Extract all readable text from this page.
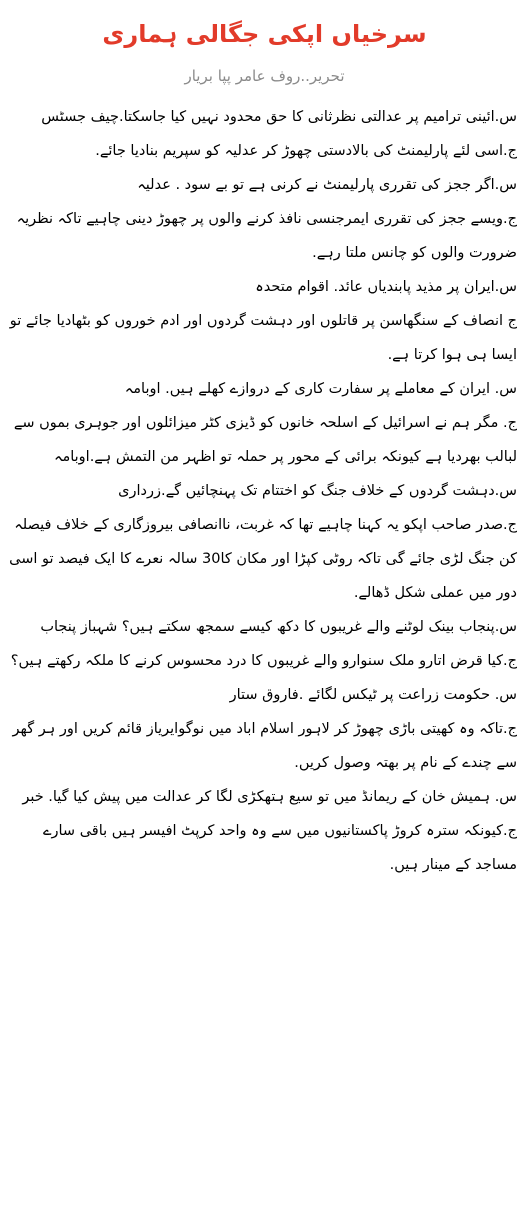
سرخیاں اپکی جگالی ہماری
تحریر..روف عامر پپا بریار

س.ائینی ترامیم پر عدالتی نظرثانی کا حق محدود نہیں کیا جاسکتا.چیف جسٹس

ج.اسی لئے پارلیمنٹ کی بالادستی چھوڑ کر عدلیہ کو سپریم بنادیا جائے.

س.اگر ججز کی تقرری پارلیمنٹ نے کرنی ہے تو بے سود . عدلیہ

ج.ویسے ججز کی تقرری ایمرجنسی نافذ کرنے والوں پر چھوڑ دینی چاہیے تاکہ نظریہ ضرورت والوں کو چانس ملتا رہے.

س.ایران پر مذید پابندیاں عائد. اقوام متحدہ

ج انصاف کے سنگھاسن پر قاتلوں اور دہشت گردوں اور ادم خوروں کو بٹھادیا جائے تو ایسا ہی ہوا کرتا ہے.

س. ایران کے معاملے پر سفارت کاری کے دروازے کھلے ہیں. اوبامہ

ج. مگر ہم نے اسرائیل کے اسلحہ خانوں کو ڈیزی کٹر میزائلوں اور جوہری بموں سے لبالب بھردیا ہے کیونکہ برائی کے محور پر حملہ تو اظہر من التمش ہے.اوبامہ

س.دہشت گردوں کے خلاف جنگ کو اختتام تک پہنچائیں گے.زرداری

ج.صدر صاحب اپکو یہ کہنا چاہیے تھا کہ غربت، ناانصافی بیروزگاری کے خلاف فیصلہ کن جنگ لڑی جائے گی تاکہ روٹی کپڑا اور مکان کا30 سالہ نعرے کا ایک فیصد تو اسی دور میں عملی شکل ڈھالے.

س.پنجاب بینک لوٹنے والے غریبوں کا دکھ کیسے سمجھ سکتے ہیں؟ شہباز پنجاب

ج.کیا قرض اتارو ملک سنوارو والے غریبوں کا درد محسوس کرنے کا ملکہ رکھتے ہیں؟

س. حکومت زراعت پر ٹیکس لگائے .فاروق ستار

ج.تاکہ وہ کھیتی باڑی چھوڑ کر لاہور اسلام اباد میں نوگوایریاز قائم کریں اور ہر گھر سے چندے کے نام پر بھتہ وصول کریں.

س. ہمیش خان کے ریمانڈ میں تو سیع ہتھکڑی لگا کر عدالت میں پیش کیا گیا. خبر

ج.کیونکہ سترہ کروڑ پاکستانیوں میں سے وہ واحد کرپٹ افیسر ہیں باقی سارے مساجد کے مینار ہیں.
